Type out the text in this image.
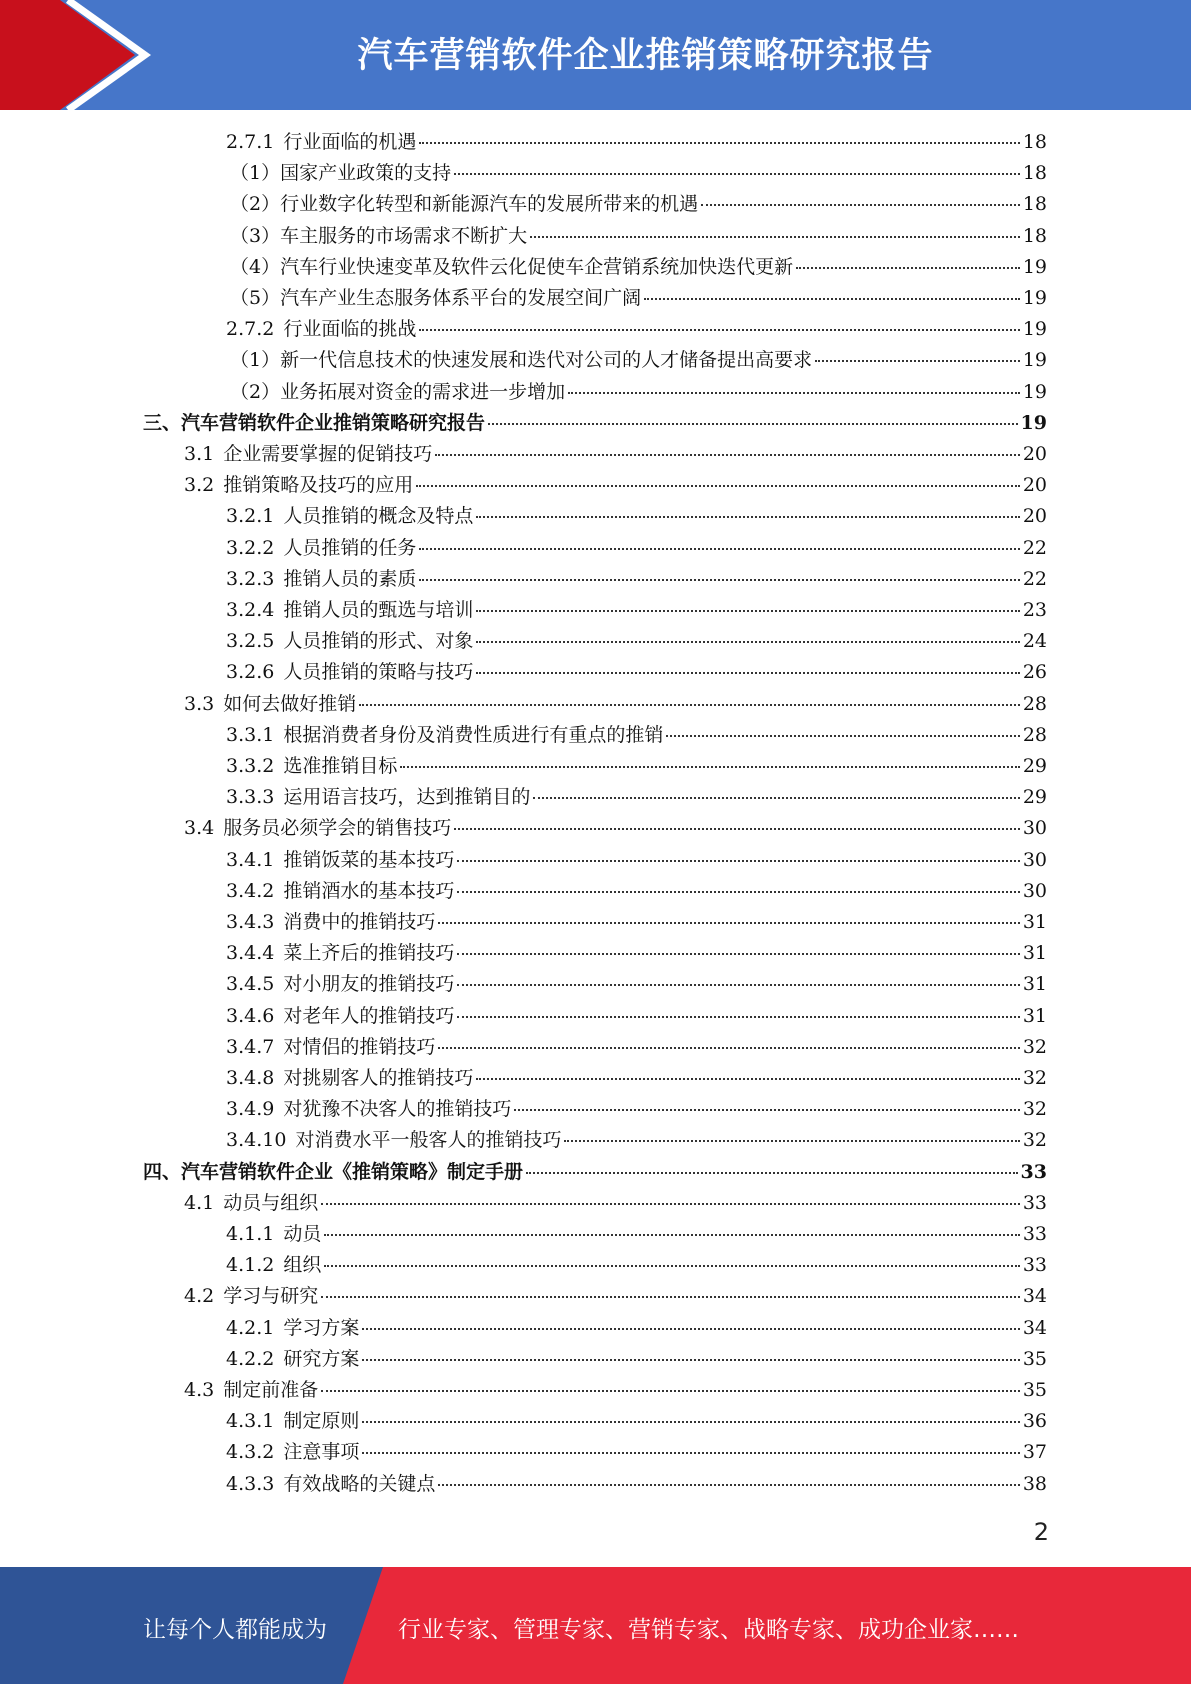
汽车营销软件企业推销策略研究报告
2.7.1 行业面临的机遇	18
（1） 国家产业政策的支持	18
（2） 行业数字化转型和新能源汽车的发展所带来的机遇	18
（3） 车主服务的市场需求不断扩大	18
（4） 汽车行业快速变革及软件云化促使车企营销系统加快迭代更新	19
（5） 汽车产业生态服务体系平台的发展空间广阔	19
2.7.2 行业面临的挑战	19
（1） 新一代信息技术的快速发展和迭代对公司的人才储备提出高要求	19
（2） 业务拓展对资金的需求进一步增加	19
三、 汽车营销软件企业推销策略研究报告	19
3.1 企业需要掌握的促销技巧	20
3.2 推销策略及技巧的应用	20
3.2.1 人员推销的概念及特点	20
3.2.2 人员推销的任务	22
3.2.3 推销人员的素质	22
3.2.4 推销人员的甄选与培训	23
3.2.5 人员推销的形式、对象	24
3.2.6 人员推销的策略与技巧	26
3.3 如何去做好推销	28
3.3.1 根据消费者身份及消费性质进行有重点的推销	28
3.3.2 选准推销目标	29
3.3.3 运用语言技巧，达到推销目的	29
3.4 服务员必须学会的销售技巧	30
3.4.1 推销饭菜的基本技巧	30
3.4.2 推销酒水的基本技巧	30
3.4.3 消费中的推销技巧	31
3.4.4 菜上齐后的推销技巧	31
3.4.5 对小朋友的推销技巧	31
3.4.6 对老年人的推销技巧	31
3.4.7 对情侣的推销技巧	32
3.4.8 对挑剔客人的推销技巧	32
3.4.9 对犹豫不决客人的推销技巧	32
3.4.10 对消费水平一般客人的推销技巧	32
四、 汽车营销软件企业《推销策略》制定手册	33
4.1 动员与组织	33
4.1.1 动员	33
4.1.2 组织	33
4.2 学习与研究	34
4.2.1 学习方案	34
4.2.2 研究方案	35
4.3 制定前准备	35
4.3.1 制定原则	36
4.3.2 注意事项	37
4.3.3 有效战略的关键点	38
2
让每个人都能成为	行业专家、管理专家、营销专家、战略专家、成功企业家……
